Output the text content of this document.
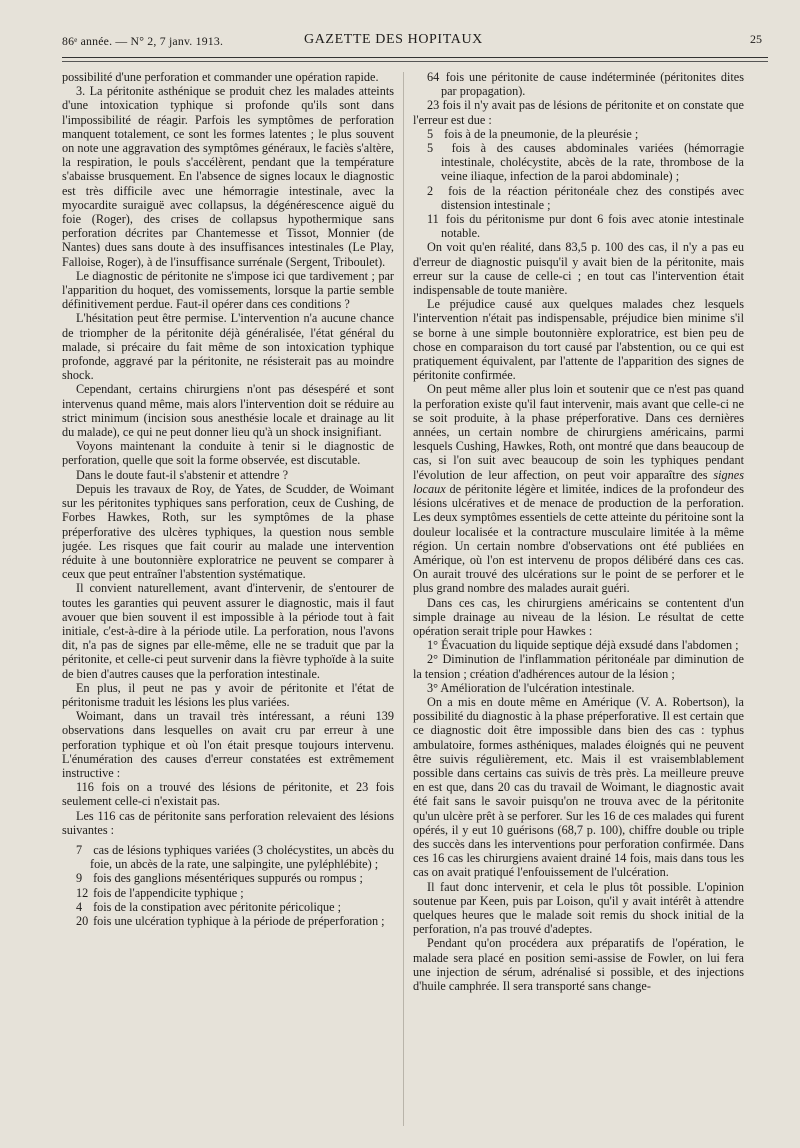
86ᵉ année. — N° 2, 7 janv. 1913.	GAZETTE DES HOPITAUX	25

possibilité d'une perforation et commander une opération rapide.

3. La péritonite asthénique se produit chez les malades atteints d'une intoxication typhique si profonde qu'ils sont dans l'impossibilité de réagir. Parfois les symptômes de perforation manquent totalement, ce sont les formes latentes ; le plus souvent on note une aggravation des symptômes généraux, le faciès s'altère, la respiration, le pouls s'accélèrent, pendant que la température s'abaisse brusquement. En l'absence de signes locaux le diagnostic est très difficile avec une hémorragie intestinale, avec la myocardite suraiguë avec collapsus, la dégénérescence aiguë du foie (Roger), des crises de collapsus hypothermique sans perforation décrites par Chantemesse et Tissot, Monnier (de Nantes) dues sans doute à des insuffisances intestinales (Le Play, Falloise, Roger), à de l'insuffisance surrénale (Sergent, Triboulet).

Le diagnostic de péritonite ne s'impose ici que tardivement ; par l'apparition du hoquet, des vomissements, lorsque la partie semble définitivement perdue. Faut-il opérer dans ces conditions ?

L'hésitation peut être permise. L'intervention n'a aucune chance de triompher de la péritonite déjà généralisée, l'état général du malade, si précaire du fait même de son intoxication typhique profonde, aggravé par la péritonite, ne résisterait pas au moindre shock.

Cependant, certains chirurgiens n'ont pas désespéré et sont intervenus quand même, mais alors l'intervention doit se réduire au strict minimum (incision sous anesthésie locale et drainage au lit du malade), ce qui ne peut donner lieu qu'à un shock insignifiant.

Voyons maintenant la conduite à tenir si le diagnostic de perforation, quelle que soit la forme observée, est discutable.

Dans le doute faut-il s'abstenir et attendre ?

Depuis les travaux de Roy, de Yates, de Scudder, de Woimant sur les péritonites typhiques sans perforation, ceux de Cushing, de Forbes Hawkes, Roth, sur les symptômes de la phase préperforative des ulcères typhiques, la question nous semble jugée. Les risques que fait courir au malade une intervention réduite à une boutonnière exploratrice ne peuvent se comparer à ceux que peut entraîner l'abstention systématique.

Il convient naturellement, avant d'intervenir, de s'entourer de toutes les garanties qui peuvent assurer le diagnostic, mais il faut avouer que bien souvent il est impossible à la période tout à fait initiale, c'est-à-dire à la période utile. La perforation, nous l'avons dit, n'a pas de signes par elle-même, elle ne se traduit que par la péritonite, et celle-ci peut survenir dans la fièvre typhoïde à la suite de bien d'autres causes que la perforation intestinale.

En plus, il peut ne pas y avoir de péritonite et l'état de péritonisme traduit les lésions les plus variées.

Woimant, dans un travail très intéressant, a réuni 139 observations dans lesquelles on avait cru par erreur à une perforation typhique et où l'on était presque toujours intervenu. L'énumération des causes d'erreur constatées est extrêmement instructive :

116 fois on a trouvé des lésions de péritonite, et 23 fois seulement celle-ci n'existait pas.

Les 116 cas de péritonite sans perforation relevaient des lésions suivantes :

7 cas de lésions typhiques variées (3 cholécystites, un abcès du foie, un abcès de la rate, une salpingite, une pyléphlébite) ;
9 fois des ganglions mésentériques suppurés ou rompus ;
12 fois de l'appendicite typhique ;
4 fois de la constipation avec péritonite péricolique ;
20 fois une ulcération typhique à la période de préperforation ;
64 fois une péritonite de cause indéterminée (péritonites dites par propagation).

23 fois il n'y avait pas de lésions de péritonite et on constate que l'erreur est due :

5 fois à de la pneumonie, de la pleurésie ;
5 fois à des causes abdominales variées (hémorragie intestinale, cholécystite, abcès de la rate, thrombose de la veine iliaque, infection de la paroi abdominale) ;
2 fois de la réaction péritonéale chez des constipés avec distension intestinale ;
11 fois du péritonisme pur dont 6 fois avec atonie intestinale notable.

On voit qu'en réalité, dans 83,5 p. 100 des cas, il n'y a pas eu d'erreur de diagnostic puisqu'il y avait bien de la péritonite, mais erreur sur la cause de celle-ci ; en tout cas l'intervention était indispensable de toute manière.

Le préjudice causé aux quelques malades chez lesquels l'intervention n'était pas indispensable, préjudice bien minime s'il se borne à une simple boutonnière exploratrice, est bien peu de chose en comparaison du tort causé par l'abstention, ou ce qui est pratiquement équivalent, par l'attente de l'apparition des signes de péritonite confirmée.

On peut même aller plus loin et soutenir que ce n'est pas quand la perforation existe qu'il faut intervenir, mais avant que celle-ci ne se soit produite, à la phase préperforative. Dans ces dernières années, un certain nombre de chirurgiens américains, parmi lesquels Cushing, Hawkes, Roth, ont montré que dans beaucoup de cas, si l'on suit avec beaucoup de soin les typhiques pendant l'évolution de leur affection, on peut voir apparaître des signes locaux de péritonite légère et limitée, indices de la profondeur des lésions ulcératives et de menace de production de la perforation. Les deux symptômes essentiels de cette atteinte du péritoine sont la douleur localisée et la contracture musculaire limitée à la même région. Un certain nombre d'observations ont été publiées en Amérique, où l'on est intervenu de propos délibéré dans ces cas. On aurait trouvé des ulcérations sur le point de se perforer et le plus grand nombre des malades aurait guéri.

Dans ces cas, les chirurgiens américains se contentent d'un simple drainage au niveau de la lésion. Le résultat de cette opération serait triple pour Hawkes :

1° Évacuation du liquide septique déjà exsudé dans l'abdomen ;

2° Diminution de l'inflammation péritonéale par diminution de la tension ; création d'adhérences autour de la lésion ;

3° Amélioration de l'ulcération intestinale.

On a mis en doute même en Amérique (V. A. Robertson), la possibilité du diagnostic à la phase préperforative. Il est certain que ce diagnostic doit être impossible dans bien des cas : typhus ambulatoire, formes asthéniques, malades éloignés qui ne peuvent être suivis régulièrement, etc. Mais il est vraisemblablement possible dans certains cas suivis de très près. La meilleure preuve en est que, dans 20 cas du travail de Woimant, le diagnostic avait été fait sans le savoir puisqu'on ne trouva avec de la péritonite qu'un ulcère prêt à se perforer. Sur les 16 de ces malades qui furent opérés, il y eut 10 guérisons (68,7 p. 100), chiffre double ou triple des succès dans les interventions pour perforation confirmée. Dans ces 16 cas les chirurgiens avaient drainé 14 fois, mais dans tous les cas on avait pratiqué l'enfouissement de l'ulcération.

Il faut donc intervenir, et cela le plus tôt possible. L'opinion soutenue par Keen, puis par Loison, qu'il y avait intérêt à attendre quelques heures que le malade soit remis du shock initial de la perforation, n'a pas trouvé d'adeptes.

Pendant qu'on procédera aux préparatifs de l'opération, le malade sera placé en position semi-assise de Fowler, on lui fera une injection de sérum, adrénalisé si possible, et des injections d'huile camphrée. Il sera transporté sans change-
